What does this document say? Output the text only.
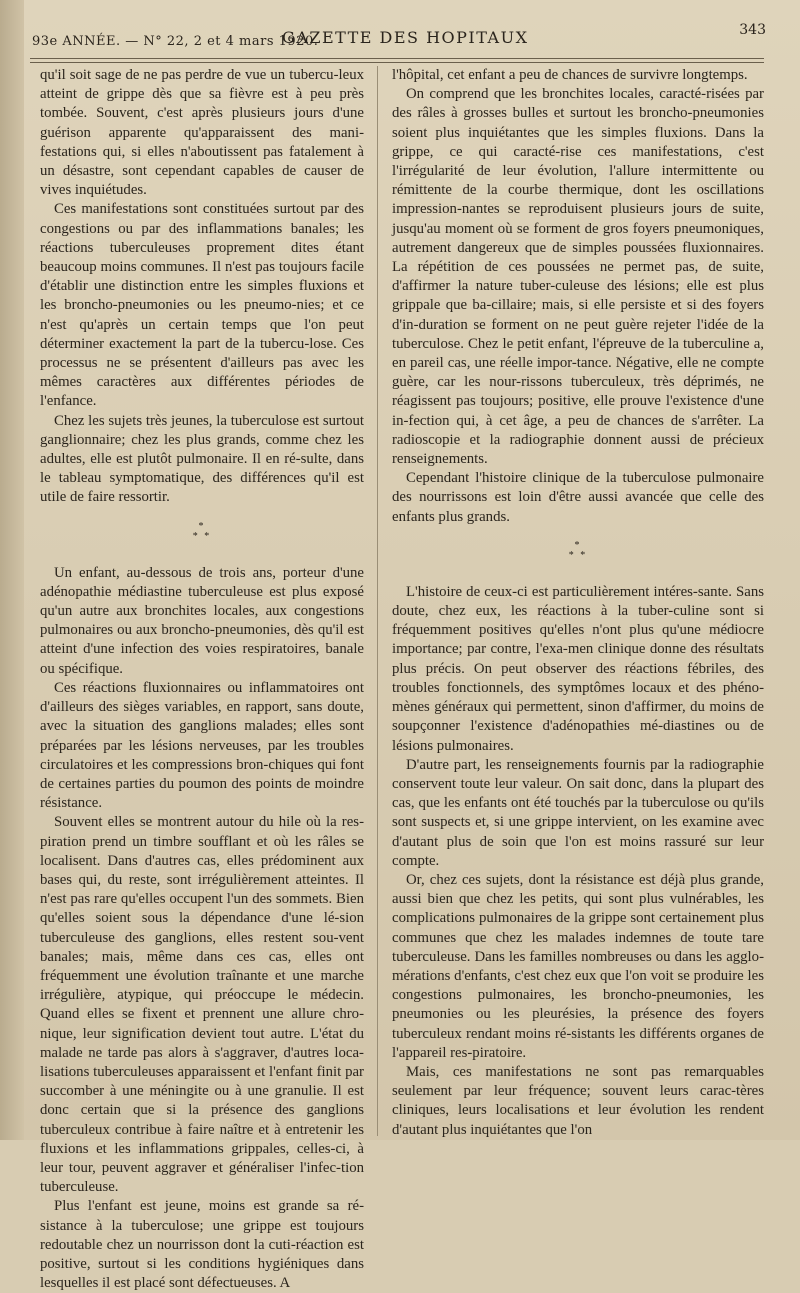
93e ANNÉE. — N° 22, 2 et 4 mars 1920.
GAZETTE DES HOPITAUX	343

qu'il soit sage de ne pas perdre de vue un tubercu-leux atteint de grippe dès que sa fièvre est à peu près tombée. Souvent, c'est après plusieurs jours d'une guérison apparente qu'apparaissent des mani-festations qui, si elles n'aboutissent pas fatalement à un désastre, sont cependant capables de causer de vives inquiétudes.

Ces manifestations sont constituées surtout par des congestions ou par des inflammations banales; les réactions tuberculeuses proprement dites étant beaucoup moins communes. Il n'est pas toujours facile d'établir une distinction entre les simples fluxions et les broncho-pneumonies ou les pneumo-nies; et ce n'est qu'après un certain temps que l'on peut déterminer exactement la part de la tubercu-lose. Ces processus ne se présentent d'ailleurs pas avec les mêmes caractères aux différentes périodes de l'enfance.

Chez les sujets très jeunes, la tuberculose est surtout ganglionnaire; chez les plus grands, comme chez les adultes, elle est plutôt pulmonaire. Il en ré-sulte, dans le tableau symptomatique, des différences qu'il est utile de faire ressortir.

*
* *

Un enfant, au-dessous de trois ans, porteur d'une adénopathie médiastine tuberculeuse est plus exposé qu'un autre aux bronchites locales, aux congestions pulmonaires ou aux broncho-pneumonies, dès qu'il est atteint d'une infection des voies respiratoires, banale ou spécifique.

Ces réactions fluxionnaires ou inflammatoires ont d'ailleurs des sièges variables, en rapport, sans doute, avec la situation des ganglions malades; elles sont préparées par les lésions nerveuses, par les troubles circulatoires et les compressions bron-chiques qui font de certaines parties du poumon des points de moindre résistance.

Souvent elles se montrent autour du hile où la res-piration prend un timbre soufflant et où les râles se localisent. Dans d'autres cas, elles prédominent aux bases qui, du reste, sont irrégulièrement atteintes. Il n'est pas rare qu'elles occupent l'un des sommets. Bien qu'elles soient sous la dépendance d'une lé-sion tuberculeuse des ganglions, elles restent sou-vent banales; mais, même dans ces cas, elles ont fréquemment une évolution traînante et une marche irrégulière, atypique, qui préoccupe le médecin. Quand elles se fixent et prennent une allure chro-nique, leur signification devient tout autre. L'état du malade ne tarde pas alors à s'aggraver, d'autres loca-lisations tuberculeuses apparaissent et l'enfant finit par succomber à une méningite ou à une granulie. Il est donc certain que si la présence des ganglions tuberculeux contribue à faire naître et à entretenir les fluxions et les inflammations grippales, celles-ci, à leur tour, peuvent aggraver et généraliser l'infec-tion tuberculeuse.

Plus l'enfant est jeune, moins est grande sa ré-sistance à la tuberculose; une grippe est toujours redoutable chez un nourrisson dont la cuti-réaction est positive, surtout si les conditions hygiéniques dans lesquelles il est placé sont défectueuses. A

l'hôpital, cet enfant a peu de chances de survivre longtemps.

On comprend que les bronchites locales, caracté-risées par des râles à grosses bulles et surtout les broncho-pneumonies soient plus inquiétantes que les simples fluxions. Dans la grippe, ce qui caracté-rise ces manifestations, c'est l'irrégularité de leur évolution, l'allure intermittente ou rémittente de la courbe thermique, dont les oscillations impression-nantes se reproduisent plusieurs jours de suite, jusqu'au moment où se forment de gros foyers pneumoniques, autrement dangereux que de simples poussées fluxionnaires. La répétition de ces poussées ne permet pas, de suite, d'affirmer la nature tuber-culeuse des lésions; elle est plus grippale que ba-cillaire; mais, si elle persiste et si des foyers d'in-duration se forment on ne peut guère rejeter l'idée de la tuberculose. Chez le petit enfant, l'épreuve de la tuberculine a, en pareil cas, une réelle impor-tance. Négative, elle ne compte guère, car les nour-rissons tuberculeux, très déprimés, ne réagissent pas toujours; positive, elle prouve l'existence d'une in-fection qui, à cet âge, a peu de chances de s'arrêter. La radioscopie et la radiographie donnent aussi de précieux renseignements.

Cependant l'histoire clinique de la tuberculose pulmonaire des nourrissons est loin d'être aussi avancée que celle des enfants plus grands.

*
* *

L'histoire de ceux-ci est particulièrement intéres-sante. Sans doute, chez eux, les réactions à la tuber-culine sont si fréquemment positives qu'elles n'ont plus qu'une médiocre importance; par contre, l'exa-men clinique donne des résultats plus précis. On peut observer des réactions fébriles, des troubles fonctionnels, des symptômes locaux et des phéno-mènes généraux qui permettent, sinon d'affirmer, du moins de soupçonner l'existence d'adénopathies mé-diastines ou de lésions pulmonaires.

D'autre part, les renseignements fournis par la radiographie conservent toute leur valeur. On sait donc, dans la plupart des cas, que les enfants ont été touchés par la tuberculose ou qu'ils sont suspects et, si une grippe intervient, on les examine avec d'autant plus de soin que l'on est moins rassuré sur leur compte.

Or, chez ces sujets, dont la résistance est déjà plus grande, aussi bien que chez les petits, qui sont plus vulnérables, les complications pulmonaires de la grippe sont certainement plus communes que chez les malades indemnes de toute tare tuberculeuse. Dans les familles nombreuses ou dans les agglo-mérations d'enfants, c'est chez eux que l'on voit se produire les congestions pulmonaires, les broncho-pneumonies, les pneumonies ou les pleurésies, la présence des foyers tuberculeux rendant moins ré-sistants les différents organes de l'appareil res-piratoire.

Mais, ces manifestations ne sont pas remarquables seulement par leur fréquence; souvent leurs carac-tères cliniques, leurs localisations et leur évolution les rendent d'autant plus inquiétantes que l'on
